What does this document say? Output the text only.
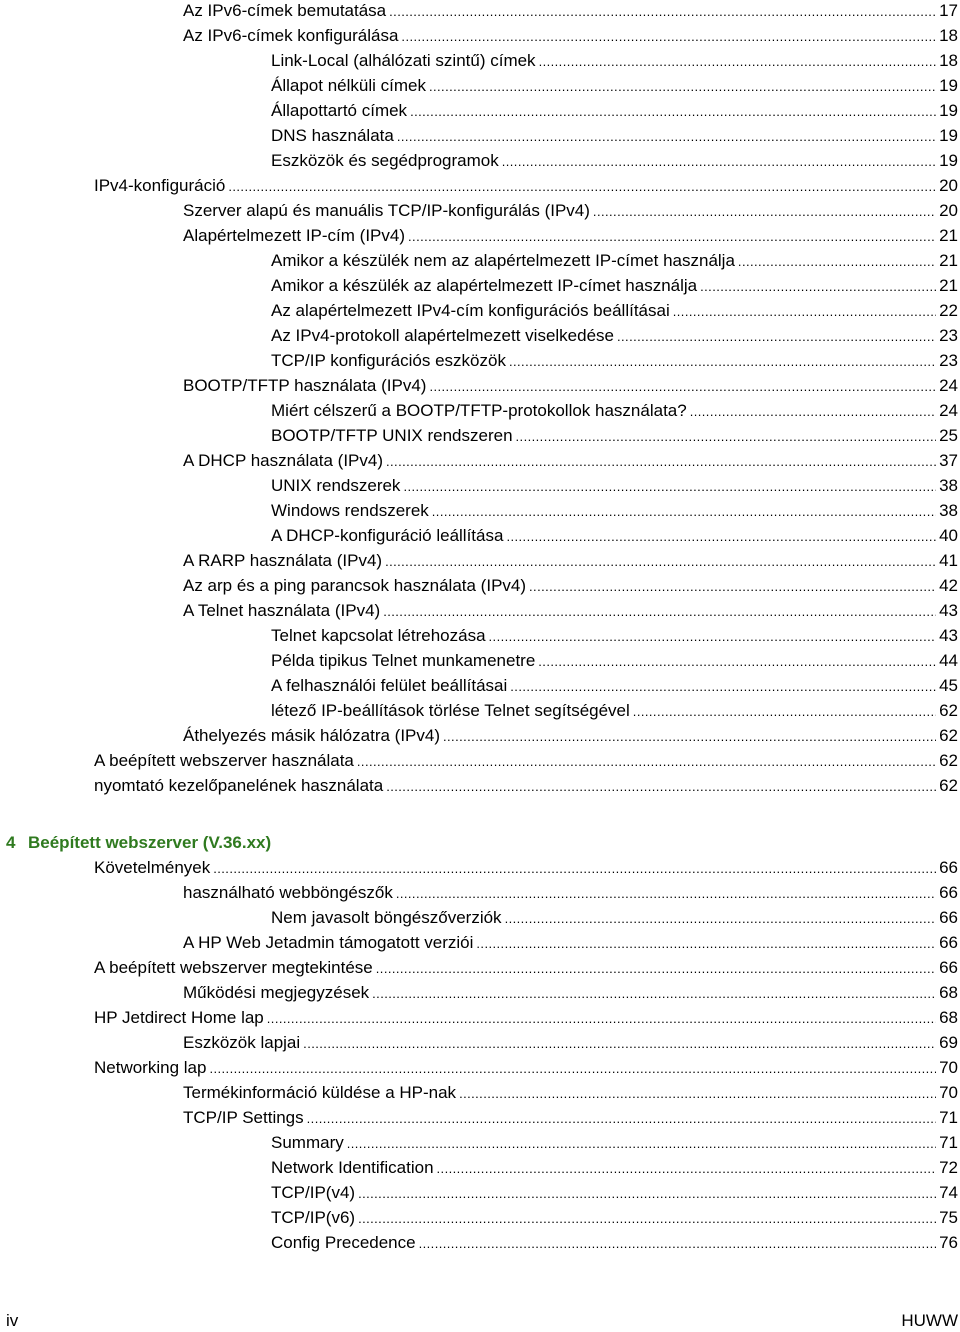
Az IPv6-címek bemutatása . . .	17
Az IPv6-címek konfigurálása . . .	18
Link-Local (alhálózati szintű) címek . . .	18
Állapot nélküli címek . . .	19
Állapottartó címek . . .	19
DNS használata . . .	19
Eszközök és segédprogramok . . .	19
IPv4-konfiguráció . . .	20
Szerver alapú és manuális TCP/IP-konfigurálás (IPv4) . . .	20
Alapértelmezett IP-cím (IPv4) . . .	21
Amikor a készülék nem az alapértelmezett IP-címet használja . . .	21
Amikor a készülék az alapértelmezett IP-címet használja . . .	21
Az alapértelmezett IPv4-cím konfigurációs beállításai . . .	22
Az IPv4-protokoll alapértelmezett viselkedése . . .	23
TCP/IP konfigurációs eszközök . . .	23
BOOTP/TFTP használata (IPv4) . . .	24
Miért célszerű a BOOTP/TFTP-protokollok használata? . . .	24
BOOTP/TFTP UNIX rendszeren . . .	25
A DHCP használata (IPv4) . . .	37
UNIX rendszerek . . .	38
Windows rendszerek . . .	38
A DHCP-konfiguráció leállítása . . .	40
A RARP használata (IPv4) . . .	41
Az arp és a ping parancsok használata (IPv4) . . .	42
A Telnet használata (IPv4) . . .	43
Telnet kapcsolat létrehozása . . .	43
Példa tipikus Telnet munkamenetre . . .	44
A felhasználói felület beállításai . . .	45
létező IP-beállítások törlése Telnet segítségével . . .	62
Áthelyezés másik hálózatra (IPv4) . . .	62
A beépített webszerver használata . . .	62
nyomtató kezelőpanelének használata . . .	62
Követelmények . . .	66
használható webböngészők . . .	66
Nem javasolt böngészőverziók . . .	66
A HP Web Jetadmin támogatott verziói . . .	66
A beépített webszerver megtekintése . . .	66
Működési megjegyzések . . .	68
HP Jetdirect Home lap . . .	68
Eszközök lapjai . . .	69
Networking lap . . .	70
Termékinformáció küldése a HP-nak . . .	70
TCP/IP Settings . . .	71
Summary . . .	71
Network Identification . . .	72
TCP/IP(v4) . . .	74
TCP/IP(v6) . . .	75
Config Precedence . . .	76
4 Beépített webszerver (V.36.xx)
iv	HUWW
